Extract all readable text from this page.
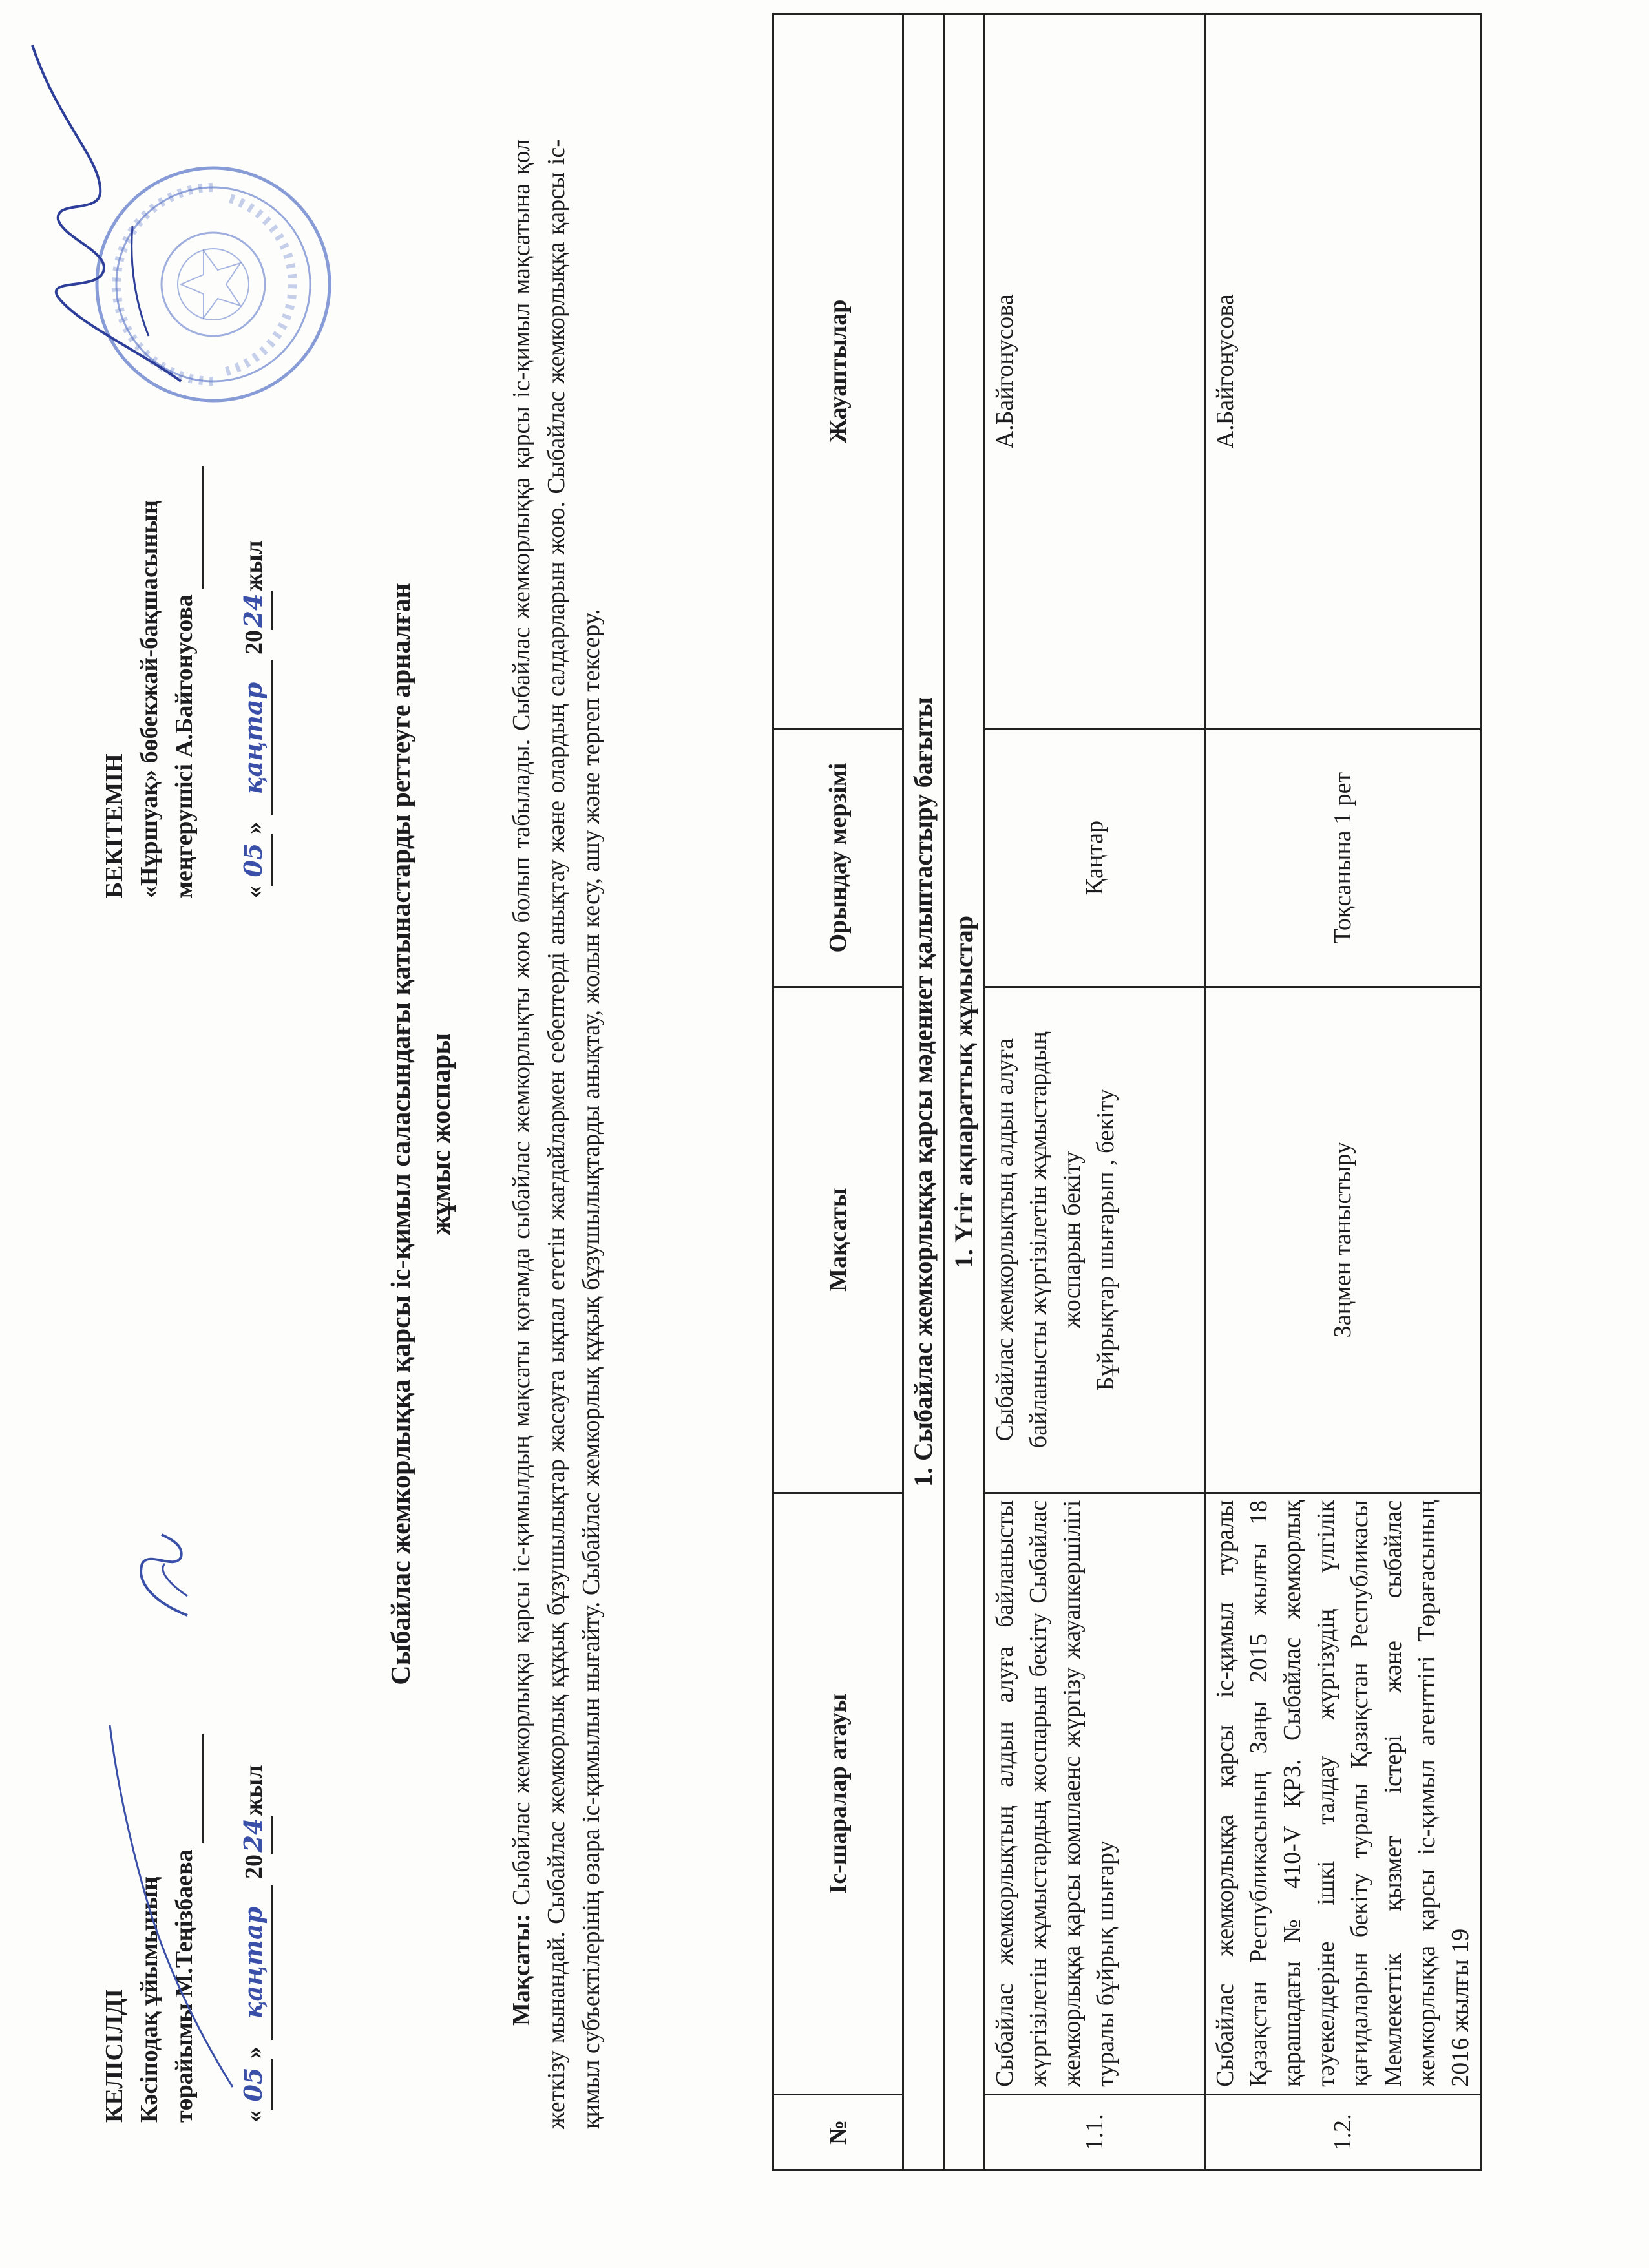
КЕЛІСІЛДІ Кәсіподақ ұйымының төрайымы М.Теңізбаева «05» қаңтар 2024жыл
БЕКІТЕМІН «Нұршуақ» бөбекжай-бақшасының меңгерушісі А.Байгонусова «05» қаңтар 2024жыл
Сыбайлас жемкорлыққа қарсы іс-қимыл саласындағы қатынастарды реттеуге арналған жұмыс жоспары
Мақсаты: Сыбайлас жемкорлыққа қарсы іс-қимылдың мақсаты қоғамда сыбайлас жемкорлықты жою болып табылады. Сыбайлас жемкорлыққа қарсы іс-қимыл мақсатына қол жеткізу мынандай. Сыбайлас жемкорлық құқық бұзушылықтар жасауға ықпал ететін жағдайлармен себептерді анықтау және олардың салдарларын жою. Сыбайлас жемкорлыққа қарсы іс-қимыл субъектілерінің өзара іс-қимылын нығайту. Сыбайлас жемкорлық құқық бұзушылықтарды анықтау, жолын кесу, ашу және тергеп тексеру.
№	Іс-шаралар атауы	Мақсаты	Орындау мерзімі	Жауаптылар
1. Сыбайлас жемкорлыққа қарсы мәдениет қалыптастыру бағыты				
1. Үгіт ақпараттық жұмыстар				
1.1.	Сыбайлас жемкорлықтың алдын алуға байланысты жүргізілетін жұмыстардың жоспарын бекіту Сыбайлас жемкорлыққа қарсы комплаенс жүргізу жауапкершілігі туралы бұйрық шығару	Сыбайлас жемкорлықтың алдын алуға байланысты жүргізілетін жұмыстардың жоспарын бекіту Бұйрықтар шығарып , бекіту	Қаңтар	А.Байгонусова
1.2.	Сыбайлас жемкорлыққа қарсы іс-қимыл туралы Қазақстан Республикасының Заңы 2015 жылғы 18 қарашадағы № 410-V ҚРЗ. Сыбайлас жемкорлық тәуекелдеріне ішкі талдау жүргізудің үлгілік қағидаларын бекіту туралы Қазақстан Республикасы Мемлекеттік қызмет істері және сыбайлас жемкорлыққа қарсы іс-қимыл агенттігі Төрағасының 2016 жылғы 19	Заңмен таныстыру	Тоқсанына 1 рет	А.Байгонусова
